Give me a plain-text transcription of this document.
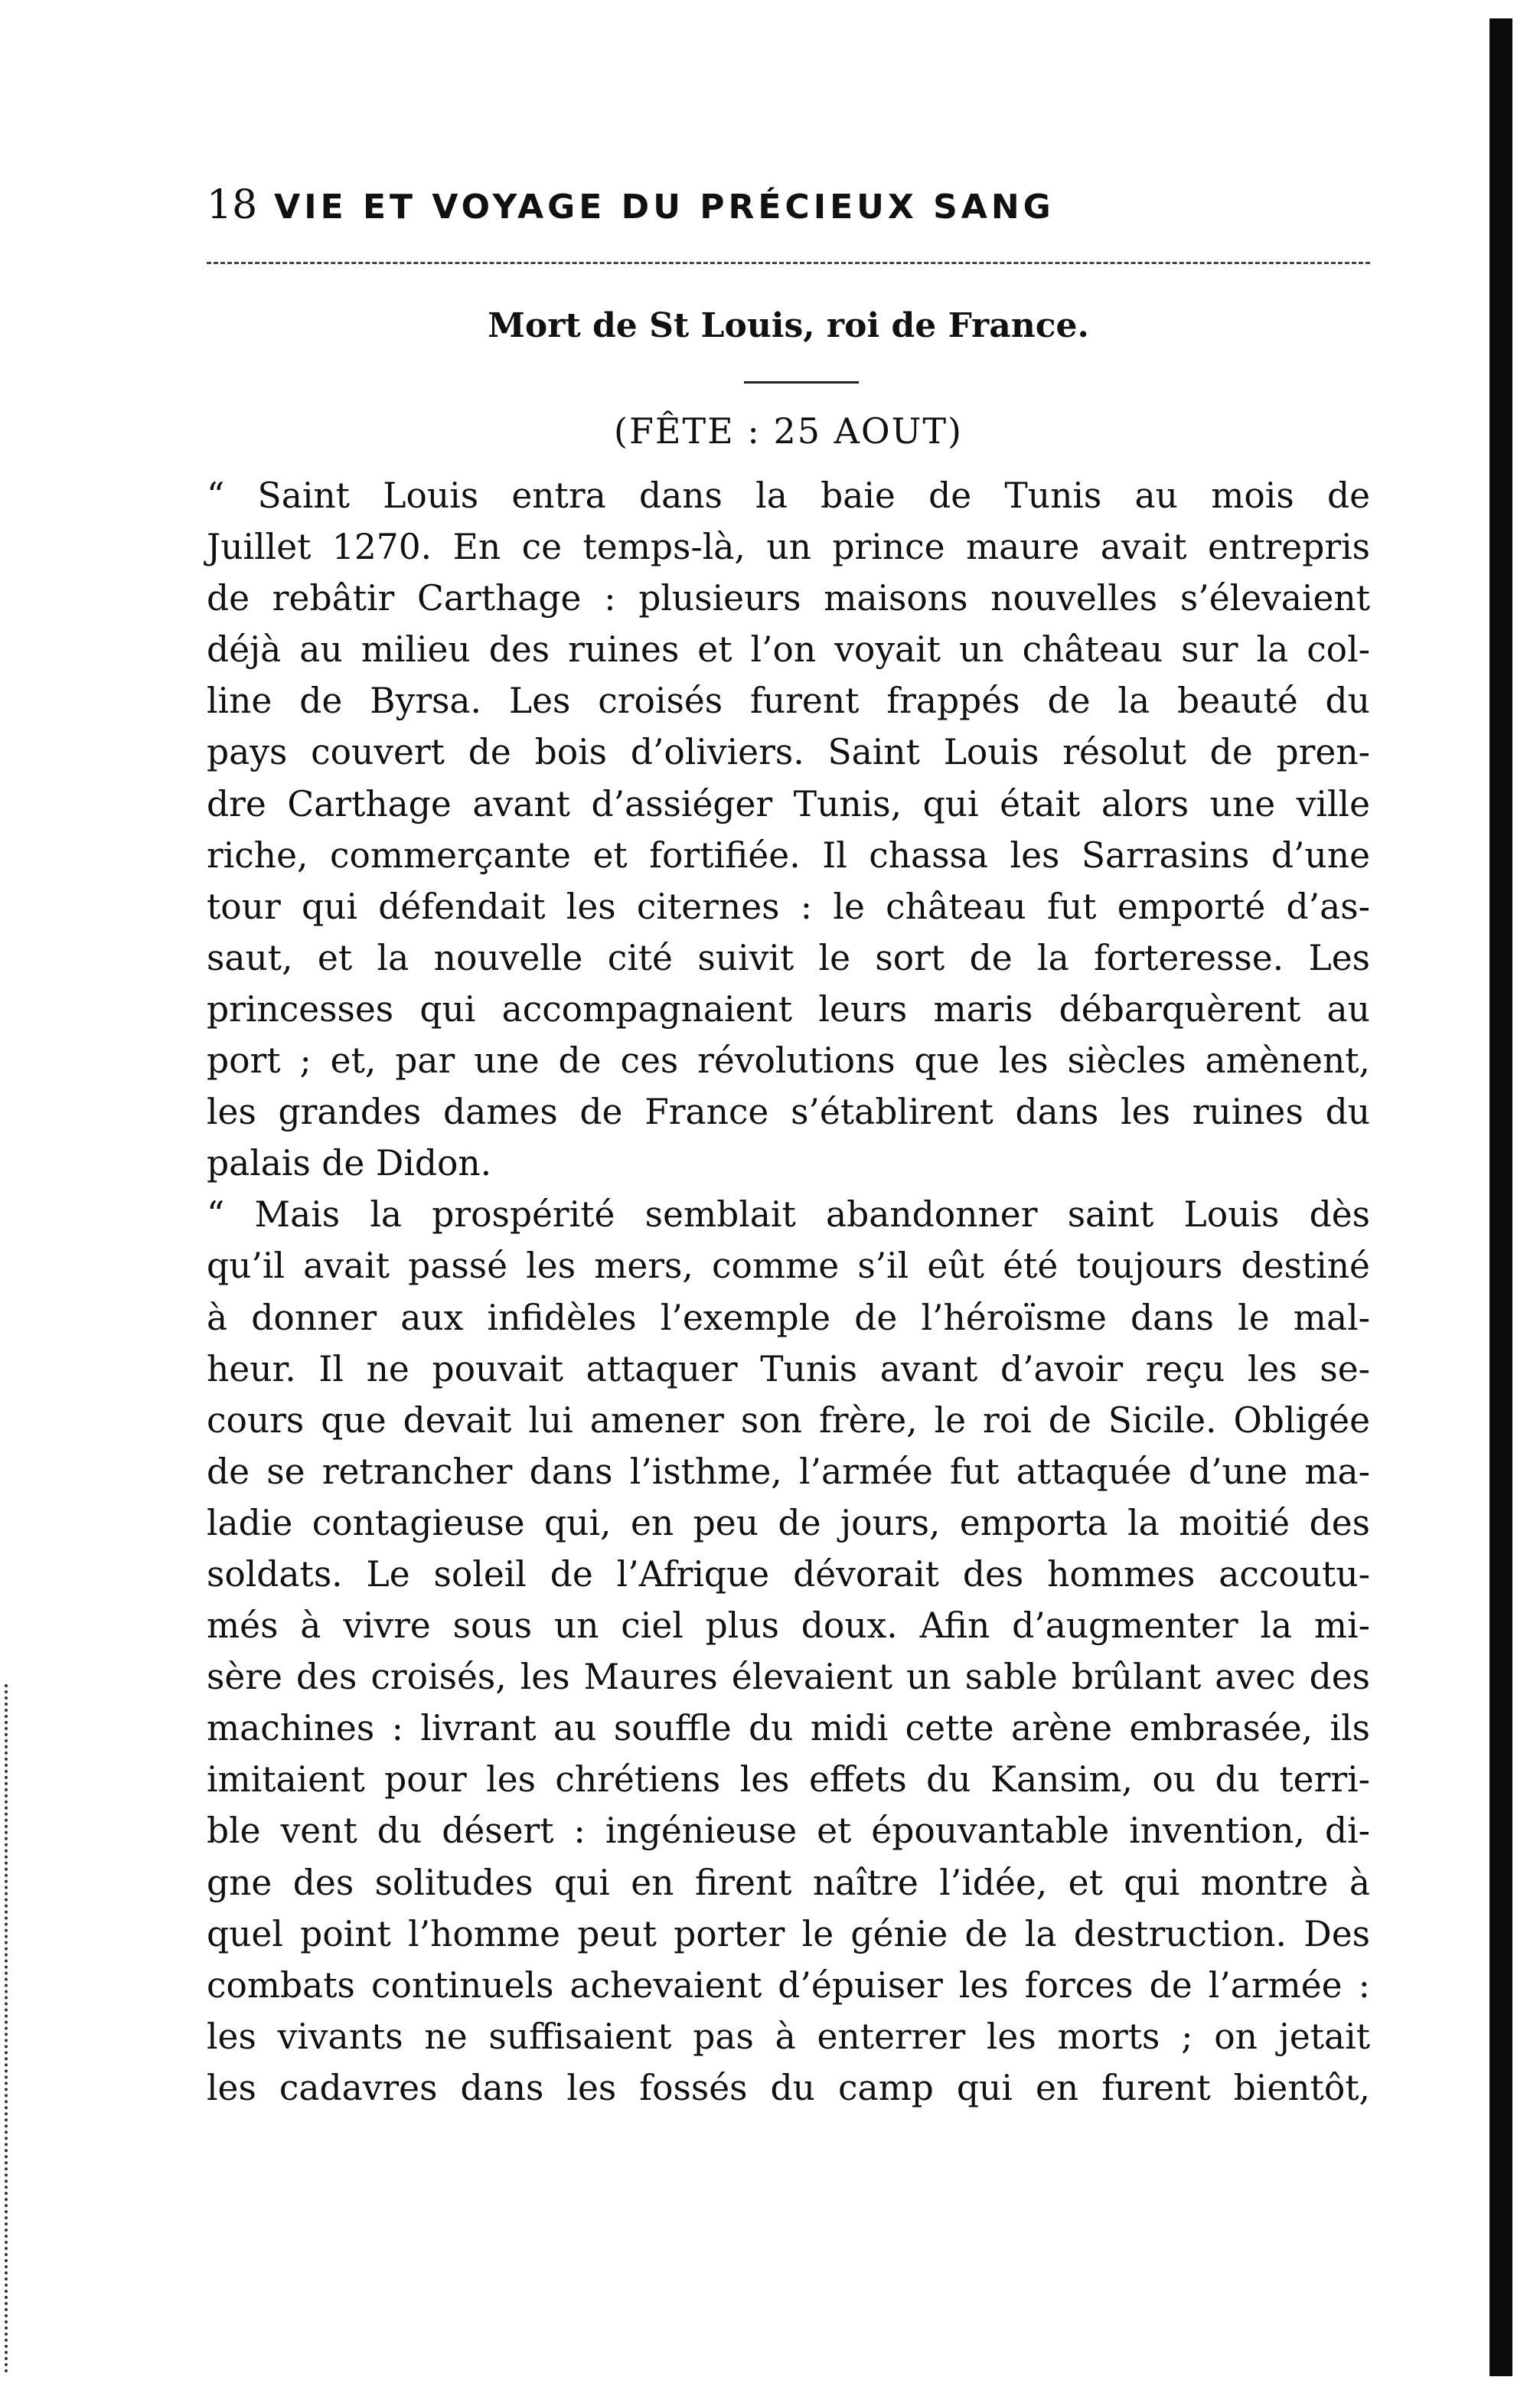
18 VIE ET VOYAGE DU PRÉCIEUX SANG
Mort de St Louis, roi de France.
(FÊTE : 25 AOUT)
“ Saint Louis entra dans la baie de Tunis au mois de
Juillet 1270. En ce temps-là, un prince maure avait entrepris
de rebâtir Carthage : plusieurs maisons nouvelles s’élevaient
déjà au milieu des ruines et l’on voyait un château sur la col-
line de Byrsa. Les croisés furent frappés de la beauté du
pays couvert de bois d’oliviers. Saint Louis résolut de pren-
dre Carthage avant d’assiéger Tunis, qui était alors une ville
riche, commerçante et fortifiée. Il chassa les Sarrasins d’une
tour qui défendait les citernes : le château fut emporté d’as-
saut, et la nouvelle cité suivit le sort de la forteresse. Les
princesses qui accompagnaient leurs maris débarquèrent au
port ; et, par une de ces révolutions que les siècles amènent,
les grandes dames de France s’établirent dans les ruines du
palais de Didon.
“ Mais la prospérité semblait abandonner saint Louis dès
qu’il avait passé les mers, comme s’il eût été toujours destiné
à donner aux infidèles l’exemple de l’héroïsme dans le mal-
heur. Il ne pouvait attaquer Tunis avant d’avoir reçu les se-
cours que devait lui amener son frère, le roi de Sicile. Obligée
de se retrancher dans l’isthme, l’armée fut attaquée d’une ma-
ladie contagieuse qui, en peu de jours, emporta la moitié des
soldats. Le soleil de l’Afrique dévorait des hommes accoutu-
més à vivre sous un ciel plus doux. Afin d’augmenter la mi-
sère des croisés, les Maures élevaient un sable brûlant avec des
machines : livrant au souffle du midi cette arène embrasée, ils
imitaient pour les chrétiens les effets du Kansim, ou du terri-
ble vent du désert : ingénieuse et épouvantable invention, di-
gne des solitudes qui en firent naître l’idée, et qui montre à
quel point l’homme peut porter le génie de la destruction. Des
combats continuels achevaient d’épuiser les forces de l’armée :
les vivants ne suffisaient pas à enterrer les morts ; on jetait
les cadavres dans les fossés du camp qui en furent bientôt,
